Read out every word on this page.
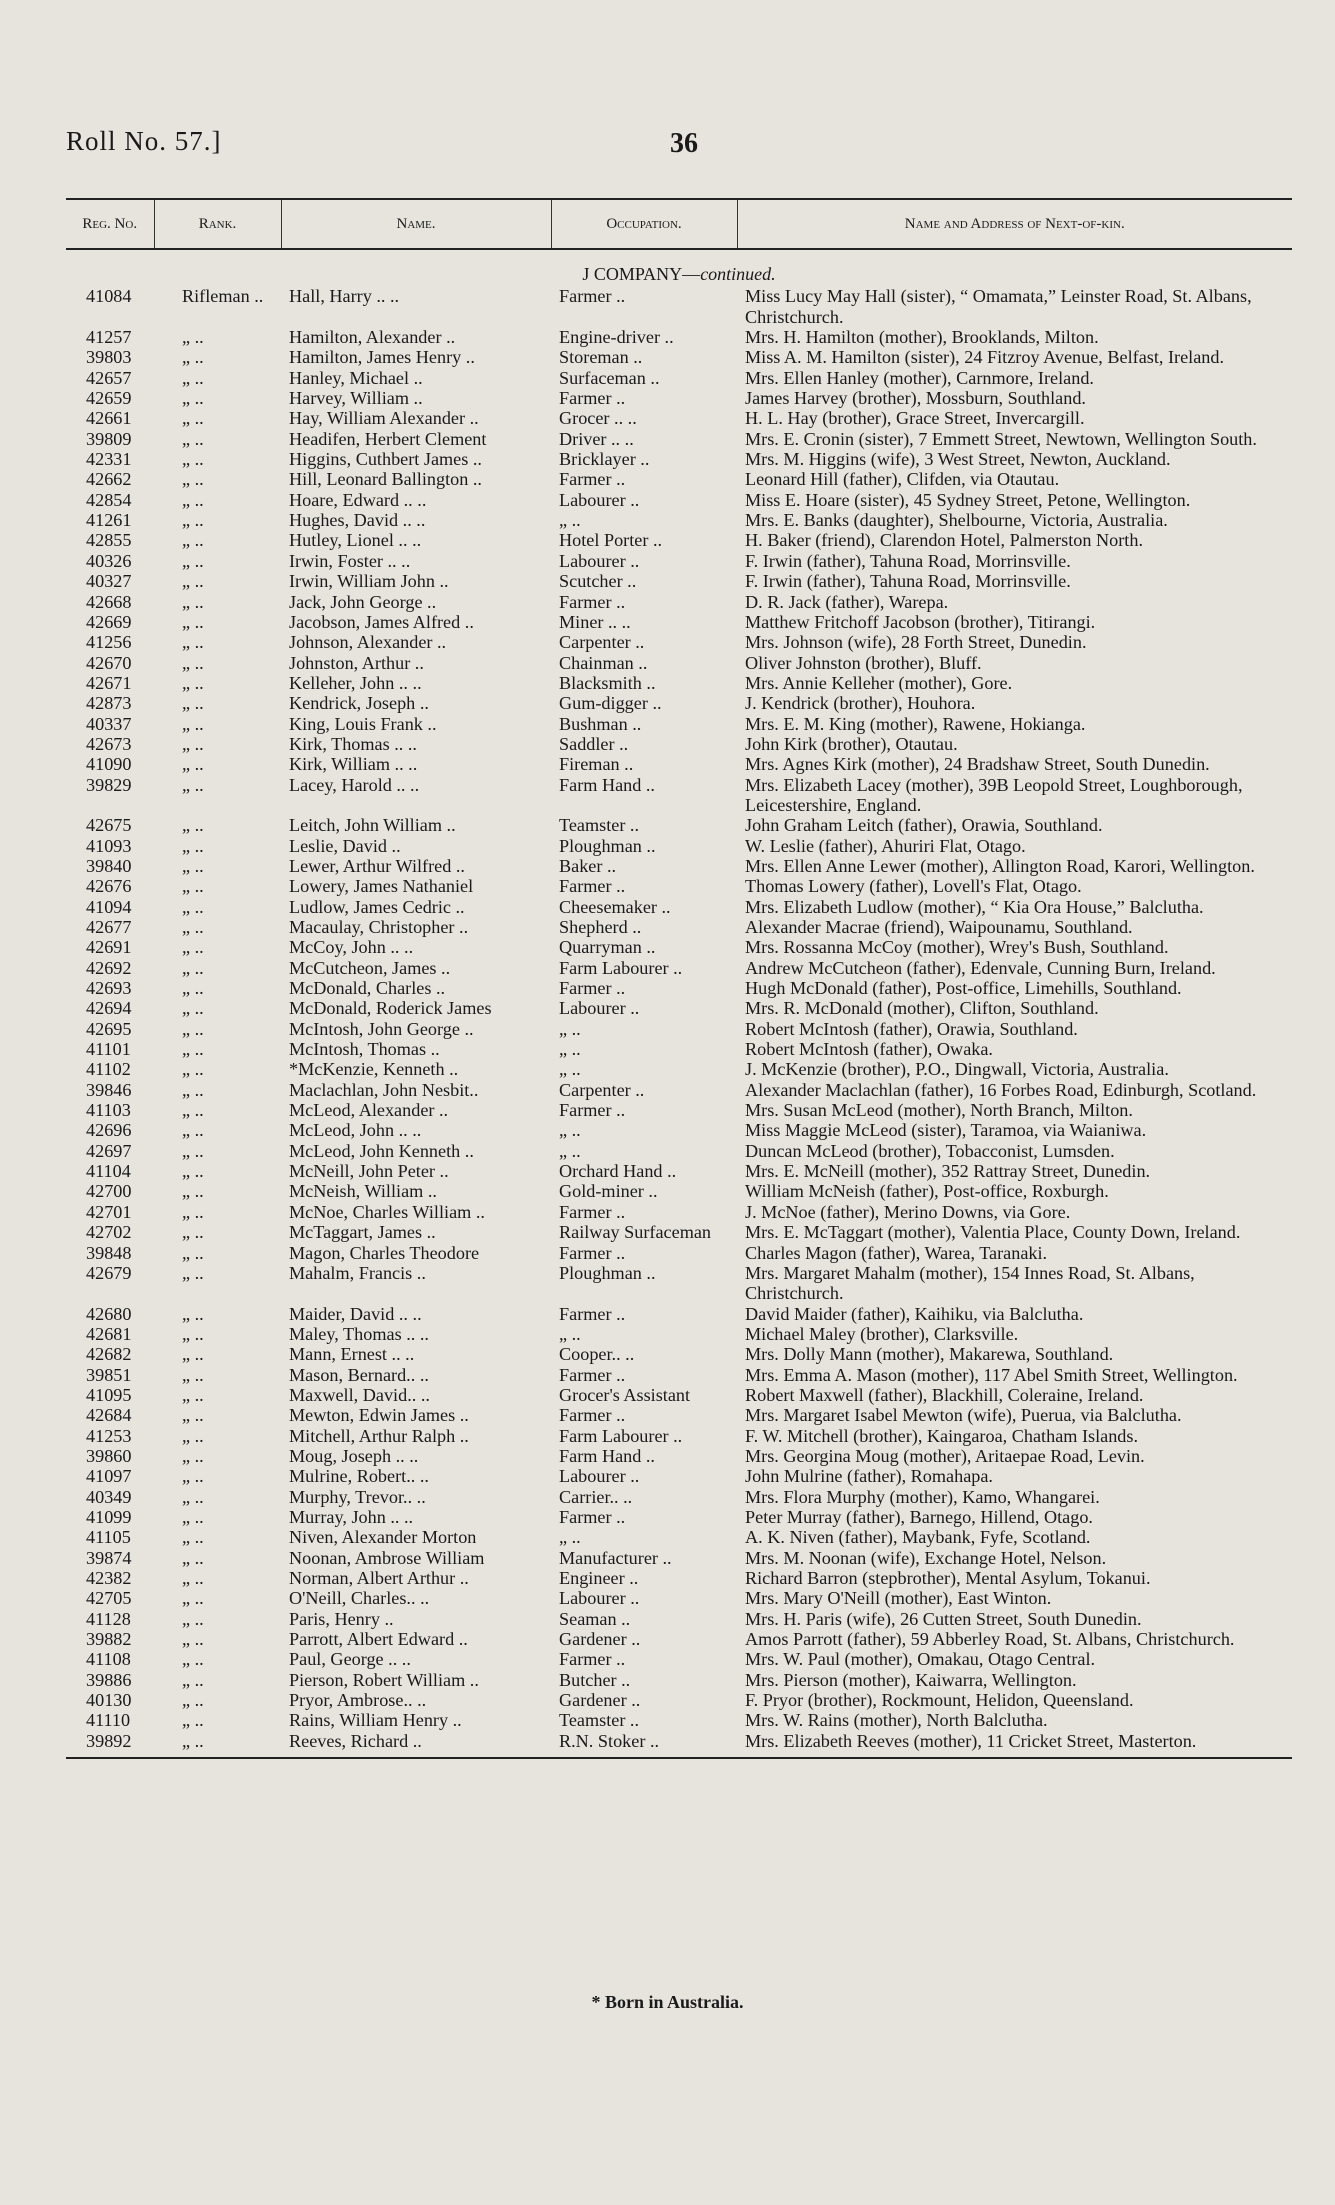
Roll No. 57.]	36
Reg. No.	Rank.	Name.	Occupation.	Name and Address of Next-of-kin.
J COMPANY—continued.				
41084	Rifleman ..	Hall, Harry .. ..	Farmer ..	Miss Lucy May Hall (sister), “ Omamata,” Leinster Road, St. Albans, Christchurch.
41257	„ ..	Hamilton, Alexander ..	Engine-driver ..	Mrs. H. Hamilton (mother), Brooklands, Milton.
39803	„ ..	Hamilton, James Henry ..	Storeman ..	Miss A. M. Hamilton (sister), 24 Fitzroy Avenue, Belfast, Ireland.
42657	„ ..	Hanley, Michael ..	Surfaceman ..	Mrs. Ellen Hanley (mother), Carnmore, Ireland.
42659	„ ..	Harvey, William ..	Farmer ..	James Harvey (brother), Mossburn, Southland.
42661	„ ..	Hay, William Alexander ..	Grocer .. ..	H. L. Hay (brother), Grace Street, Invercargill.
39809	„ ..	Headifen, Herbert Clement	Driver .. ..	Mrs. E. Cronin (sister), 7 Emmett Street, Newtown, Wellington South.
42331	„ ..	Higgins, Cuthbert James ..	Bricklayer ..	Mrs. M. Higgins (wife), 3 West Street, Newton, Auckland.
42662	„ ..	Hill, Leonard Ballington ..	Farmer ..	Leonard Hill (father), Clifden, via Otautau.
42854	„ ..	Hoare, Edward .. ..	Labourer ..	Miss E. Hoare (sister), 45 Sydney Street, Petone, Wellington.
41261	„ ..	Hughes, David .. ..	„ ..	Mrs. E. Banks (daughter), Shelbourne, Victoria, Australia.
42855	„ ..	Hutley, Lionel .. ..	Hotel Porter ..	H. Baker (friend), Clarendon Hotel, Palmerston North.
40326	„ ..	Irwin, Foster .. ..	Labourer ..	F. Irwin (father), Tahuna Road, Morrinsville.
40327	„ ..	Irwin, William John ..	Scutcher ..	F. Irwin (father), Tahuna Road, Morrinsville.
42668	„ ..	Jack, John George ..	Farmer ..	D. R. Jack (father), Warepa.
42669	„ ..	Jacobson, James Alfred ..	Miner .. ..	Matthew Fritchoff Jacobson (brother), Titirangi.
41256	„ ..	Johnson, Alexander ..	Carpenter ..	Mrs. Johnson (wife), 28 Forth Street, Dunedin.
42670	„ ..	Johnston, Arthur ..	Chainman ..	Oliver Johnston (brother), Bluff.
42671	„ ..	Kelleher, John .. ..	Blacksmith ..	Mrs. Annie Kelleher (mother), Gore.
42873	„ ..	Kendrick, Joseph ..	Gum-digger ..	J. Kendrick (brother), Houhora.
40337	„ ..	King, Louis Frank ..	Bushman ..	Mrs. E. M. King (mother), Rawene, Hokianga.
42673	„ ..	Kirk, Thomas .. ..	Saddler ..	John Kirk (brother), Otautau.
41090	„ ..	Kirk, William .. ..	Fireman ..	Mrs. Agnes Kirk (mother), 24 Bradshaw Street, South Dunedin.
39829	„ ..	Lacey, Harold .. ..	Farm Hand ..	Mrs. Elizabeth Lacey (mother), 39B Leopold Street, Loughborough, Leicestershire, England.
42675	„ ..	Leitch, John William ..	Teamster ..	John Graham Leitch (father), Orawia, Southland.
41093	„ ..	Leslie, David ..	Ploughman ..	W. Leslie (father), Ahuriri Flat, Otago.
39840	„ ..	Lewer, Arthur Wilfred ..	Baker ..	Mrs. Ellen Anne Lewer (mother), Allington Road, Karori, Wellington.
42676	„ ..	Lowery, James Nathaniel	Farmer ..	Thomas Lowery (father), Lovell's Flat, Otago.
41094	„ ..	Ludlow, James Cedric ..	Cheesemaker ..	Mrs. Elizabeth Ludlow (mother), “ Kia Ora House,” Balclutha.
42677	„ ..	Macaulay, Christopher ..	Shepherd ..	Alexander Macrae (friend), Waipounamu, Southland.
42691	„ ..	McCoy, John .. ..	Quarryman ..	Mrs. Rossanna McCoy (mother), Wrey's Bush, Southland.
42692	„ ..	McCutcheon, James ..	Farm Labourer ..	Andrew McCutcheon (father), Edenvale, Cunning Burn, Ireland.
42693	„ ..	McDonald, Charles ..	Farmer ..	Hugh McDonald (father), Post-office, Limehills, Southland.
42694	„ ..	McDonald, Roderick James	Labourer ..	Mrs. R. McDonald (mother), Clifton, Southland.
42695	„ ..	McIntosh, John George ..	„ ..	Robert McIntosh (father), Orawia, Southland.
41101	„ ..	McIntosh, Thomas ..	„ ..	Robert McIntosh (father), Owaka.
41102	„ ..	*McKenzie, Kenneth ..	„ ..	J. McKenzie (brother), P.O., Dingwall, Victoria, Australia.
39846	„ ..	Maclachlan, John Nesbit..	Carpenter ..	Alexander Maclachlan (father), 16 Forbes Road, Edinburgh, Scotland.
41103	„ ..	McLeod, Alexander ..	Farmer ..	Mrs. Susan McLeod (mother), North Branch, Milton.
42696	„ ..	McLeod, John .. ..	„ ..	Miss Maggie McLeod (sister), Taramoa, via Waianiwa.
42697	„ ..	McLeod, John Kenneth ..	„ ..	Duncan McLeod (brother), Tobacconist, Lumsden.
41104	„ ..	McNeill, John Peter ..	Orchard Hand ..	Mrs. E. McNeill (mother), 352 Rattray Street, Dunedin.
42700	„ ..	McNeish, William ..	Gold-miner ..	William McNeish (father), Post-office, Roxburgh.
42701	„ ..	McNoe, Charles William ..	Farmer ..	J. McNoe (father), Merino Downs, via Gore.
42702	„ ..	McTaggart, James ..	Railway Surfaceman	Mrs. E. McTaggart (mother), Valentia Place, County Down, Ireland.
39848	„ ..	Magon, Charles Theodore	Farmer ..	Charles Magon (father), Warea, Taranaki.
42679	„ ..	Mahalm, Francis ..	Ploughman ..	Mrs. Margaret Mahalm (mother), 154 Innes Road, St. Albans, Christchurch.
42680	„ ..	Maider, David .. ..	Farmer ..	David Maider (father), Kaihiku, via Balclutha.
42681	„ ..	Maley, Thomas .. ..	„ ..	Michael Maley (brother), Clarksville.
42682	„ ..	Mann, Ernest .. ..	Cooper.. ..	Mrs. Dolly Mann (mother), Makarewa, Southland.
39851	„ ..	Mason, Bernard.. ..	Farmer ..	Mrs. Emma A. Mason (mother), 117 Abel Smith Street, Wellington.
41095	„ ..	Maxwell, David.. ..	Grocer's Assistant	Robert Maxwell (father), Blackhill, Coleraine, Ireland.
42684	„ ..	Mewton, Edwin James ..	Farmer ..	Mrs. Margaret Isabel Mewton (wife), Puerua, via Balclutha.
41253	„ ..	Mitchell, Arthur Ralph ..	Farm Labourer ..	F. W. Mitchell (brother), Kaingaroa, Chatham Islands.
39860	„ ..	Moug, Joseph .. ..	Farm Hand ..	Mrs. Georgina Moug (mother), Aritaepae Road, Levin.
41097	„ ..	Mulrine, Robert.. ..	Labourer ..	John Mulrine (father), Romahapa.
40349	„ ..	Murphy, Trevor.. ..	Carrier.. ..	Mrs. Flora Murphy (mother), Kamo, Whangarei.
41099	„ ..	Murray, John .. ..	Farmer ..	Peter Murray (father), Barnego, Hillend, Otago.
41105	„ ..	Niven, Alexander Morton	„ ..	A. K. Niven (father), Maybank, Fyfe, Scotland.
39874	„ ..	Noonan, Ambrose William	Manufacturer ..	Mrs. M. Noonan (wife), Exchange Hotel, Nelson.
42382	„ ..	Norman, Albert Arthur ..	Engineer ..	Richard Barron (stepbrother), Mental Asylum, Tokanui.
42705	„ ..	O'Neill, Charles.. ..	Labourer ..	Mrs. Mary O'Neill (mother), East Winton.
41128	„ ..	Paris, Henry ..	Seaman ..	Mrs. H. Paris (wife), 26 Cutten Street, South Dunedin.
39882	„ ..	Parrott, Albert Edward ..	Gardener ..	Amos Parrott (father), 59 Abberley Road, St. Albans, Christchurch.
41108	„ ..	Paul, George .. ..	Farmer ..	Mrs. W. Paul (mother), Omakau, Otago Central.
39886	„ ..	Pierson, Robert William ..	Butcher ..	Mrs. Pierson (mother), Kaiwarra, Wellington.
40130	„ ..	Pryor, Ambrose.. ..	Gardener ..	F. Pryor (brother), Rockmount, Helidon, Queensland.
41110	„ ..	Rains, William Henry ..	Teamster ..	Mrs. W. Rains (mother), North Balclutha.
39892	„ ..	Reeves, Richard ..	R.N. Stoker ..	Mrs. Elizabeth Reeves (mother), 11 Cricket Street, Masterton.
* Born in Australia.
